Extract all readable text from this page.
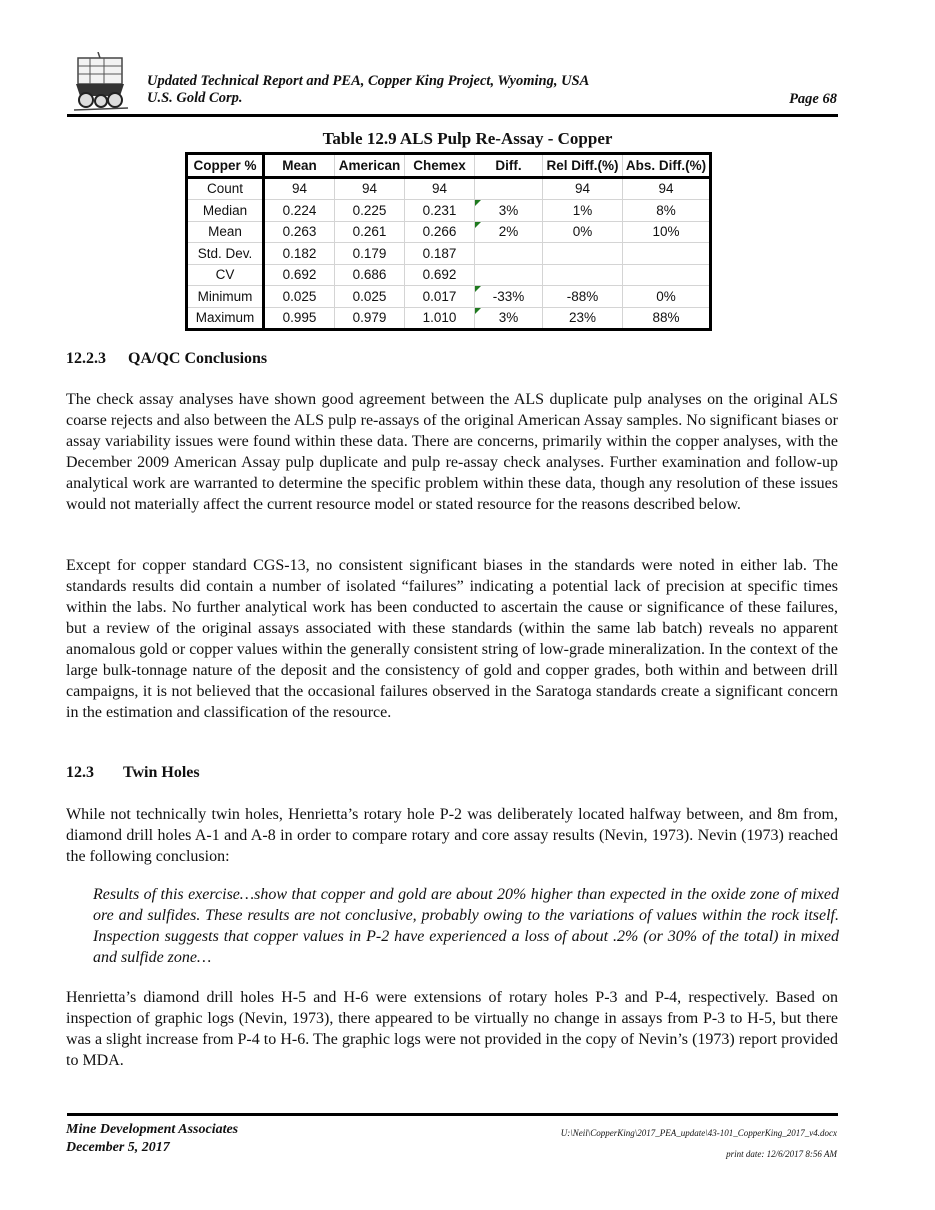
Updated Technical Report and PEA, Copper King Project, Wyoming, USA
U.S. Gold Corp.	Page 68
Table 12.9 ALS Pulp Re-Assay - Copper
Copper %	Mean	American	Chemex	Diff.	Rel Diff.(%)	Abs. Diff.(%)
Count	94	94	94		94	94
Median	0.224	0.225	0.231	3%	1%	8%
Mean	0.263	0.261	0.266	2%	0%	10%
Std. Dev.	0.182	0.179	0.187			
CV	0.692	0.686	0.692			
Minimum	0.025	0.025	0.017	-33%	-88%	0%
Maximum	0.995	0.979	1.010	3%	23%	88%
12.2.3 QA/QC Conclusions
The check assay analyses have shown good agreement between the ALS duplicate pulp analyses on the original ALS coarse rejects and also between the ALS pulp re-assays of the original American Assay samples. No significant biases or assay variability issues were found within these data. There are concerns, primarily within the copper analyses, with the December 2009 American Assay pulp duplicate and pulp re-assay check analyses. Further examination and follow-up analytical work are warranted to determine the specific problem within these data, though any resolution of these issues would not materially affect the current resource model or stated resource for the reasons described below.
Except for copper standard CGS-13, no consistent significant biases in the standards were noted in either lab. The standards results did contain a number of isolated “failures” indicating a potential lack of precision at specific times within the labs. No further analytical work has been conducted to ascertain the cause or significance of these failures, but a review of the original assays associated with these standards (within the same lab batch) reveals no apparent anomalous gold or copper values within the generally consistent string of low-grade mineralization. In the context of the large bulk-tonnage nature of the deposit and the consistency of gold and copper grades, both within and between drill campaigns, it is not believed that the occasional failures observed in the Saratoga standards create a significant concern in the estimation and classification of the resource.
12.3 Twin Holes
While not technically twin holes, Henrietta’s rotary hole P-2 was deliberately located halfway between, and 8m from, diamond drill holes A-1 and A-8 in order to compare rotary and core assay results (Nevin, 1973). Nevin (1973) reached the following conclusion:
Results of this exercise…show that copper and gold are about 20% higher than expected in the oxide zone of mixed ore and sulfides. These results are not conclusive, probably owing to the variations of values within the rock itself. Inspection suggests that copper values in P-2 have experienced a loss of about .2% (or 30% of the total) in mixed and sulfide zone…
Henrietta’s diamond drill holes H-5 and H-6 were extensions of rotary holes P-3 and P-4, respectively. Based on inspection of graphic logs (Nevin, 1973), there appeared to be virtually no change in assays from P-3 to H-5, but there was a slight increase from P-4 to H-6. The graphic logs were not provided in the copy of Nevin’s (1973) report provided to MDA.
Mine Development Associates
December 5, 2017
U:\Neil\CopperKing\2017_PEA_update\43-101_CopperKing_2017_v4.docx
print date: 12/6/2017 8:56 AM
